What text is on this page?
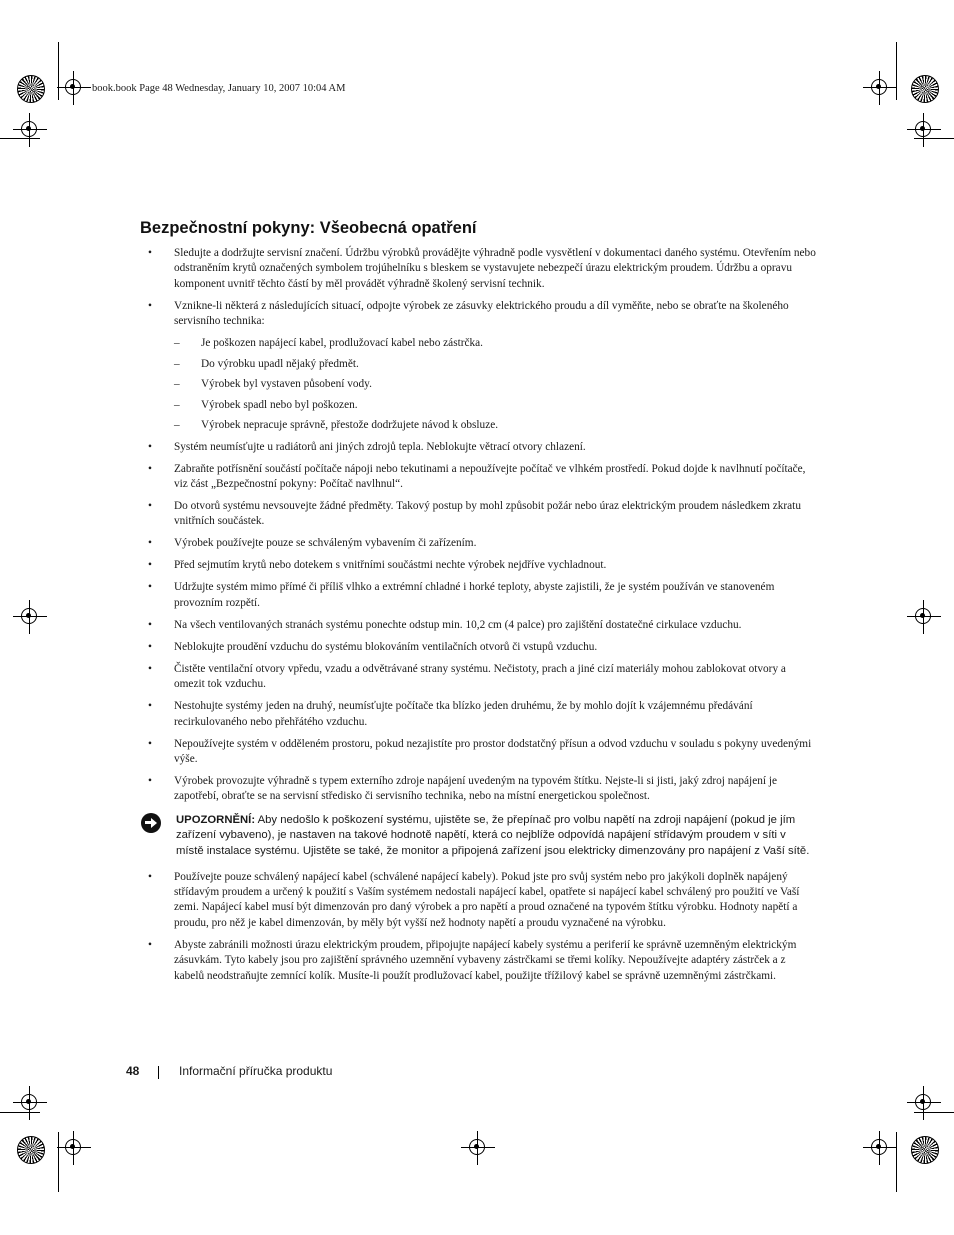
book.book Page 48 Wednesday, January 10, 2007 10:04 AM
Bezpečnostní pokyny: Všeobecná opatření
• Sledujte a dodržujte servisní značení. Údržbu výrobků provádějte výhradně podle vysvětlení v dokumentaci daného systému. Otevřením nebo odstraněním krytů označených symbolem trojúhelníku s bleskem se vystavujete nebezpečí úrazu elektrickým proudem. Údržbu a opravu komponent uvnitř těchto částí by měl provádět výhradně školený servisní technik.
• Vznikne-li některá z následujících situací, odpojte výrobek ze zásuvky elektrického proudu a díl vyměňte, nebo se obraťte na školeného servisního technika:
– Je poškozen napájecí kabel, prodlužovací kabel nebo zástrčka.
– Do výrobku upadl nějaký předmět.
– Výrobek byl vystaven působení vody.
– Výrobek spadl nebo byl poškozen.
– Výrobek nepracuje správně, přestože dodržujete návod k obsluze.
• Systém neumísťujte u radiátorů ani jiných zdrojů tepla. Neblokujte větrací otvory chlazení.
• Zabraňte potřísnění součástí počítače nápoji nebo tekutinami a nepoužívejte počítač ve vlhkém prostředí. Pokud dojde k navlhnutí počítače, viz část „Bezpečnostní pokyny: Počítač navlhnul“.
• Do otvorů systému nevsouvejte žádné předměty. Takový postup by mohl způsobit požár nebo úraz elektrickým proudem následkem zkratu vnitřních součástek.
• Výrobek používejte pouze se schváleným vybavením či zařízením.
• Před sejmutím krytů nebo dotekem s vnitřními součástmi nechte výrobek nejdříve vychladnout.
• Udržujte systém mimo přímé či příliš vlhko a extrémní chladné i horké teploty, abyste zajistili, že je systém používán ve stanoveném provozním rozpětí.
• Na všech ventilovaných stranách systému ponechte odstup min. 10,2 cm (4 palce) pro zajištění dostatečné cirkulace vzduchu.
• Neblokujte proudění vzduchu do systému blokováním ventilačních otvorů či vstupů vzduchu.
• Čistěte ventilační otvory vpředu, vzadu a odvětrávané strany systému. Nečistoty, prach a jiné cizí materiály mohou zablokovat otvory a omezit tok vzduchu.
• Nestohujte systémy jeden na druhý, neumísťujte počítače tka blízko jeden druhému, že by mohlo dojít k vzájemnému předávání recirkulovaného nebo přehřátého vzduchu.
• Nepoužívejte systém v odděleném prostoru, pokud nezajistíte pro prostor dodstatčný přísun a odvod vzduchu v souladu s pokyny uvedenými výše.
• Výrobek provozujte výhradně s typem externího zdroje napájení uvedeným na typovém štítku. Nejste-li si jisti, jaký zdroj napájení je zapotřebí, obraťte se na servisní středisko či servisního technika, nebo na místní energetickou společnost.
UPOZORNĚNÍ: Aby nedošlo k poškození systému, ujistěte se, že přepínač pro volbu napětí na zdroji napájení (pokud je jím zařízení vybaveno), je nastaven na takové hodnotě napětí, která co nejblíže odpovídá napájení střídavým proudem v síti v místě instalace systému. Ujistěte se také, že monitor a připojená zařízení jsou elektricky dimenzovány pro napájení z Vaší sítě.
• Používejte pouze schválený napájecí kabel (schválené napájecí kabely). Pokud jste pro svůj systém nebo pro jakýkoli doplněk napájený střídavým proudem a určený k použití s Vaším systémem nedostali napájecí kabel, opatřete si napájecí kabel schválený pro použití ve Vaší zemi. Napájecí kabel musí být dimenzován pro daný výrobek a pro napětí a proud označené na typovém štítku výrobku. Hodnoty napětí a proudu, pro něž je kabel dimenzován, by měly být vyšší než hodnoty napětí a proudu vyznačené na výrobku.
• Abyste zabránili možnosti úrazu elektrickým proudem, připojujte napájecí kabely systému a periferií ke správně uzemněným elektrickým zásuvkám. Tyto kabely jsou pro zajištění správného uzemnění vybaveny zástrčkami se třemi kolíky. Nepoužívejte adaptéry zástrček a z kabelů neodstraňujte zemnící kolík. Musíte-li použít prodlužovací kabel, použijte třížilový kabel se správně uzemněnými zástrčkami.
48	Informační příručka produktu
